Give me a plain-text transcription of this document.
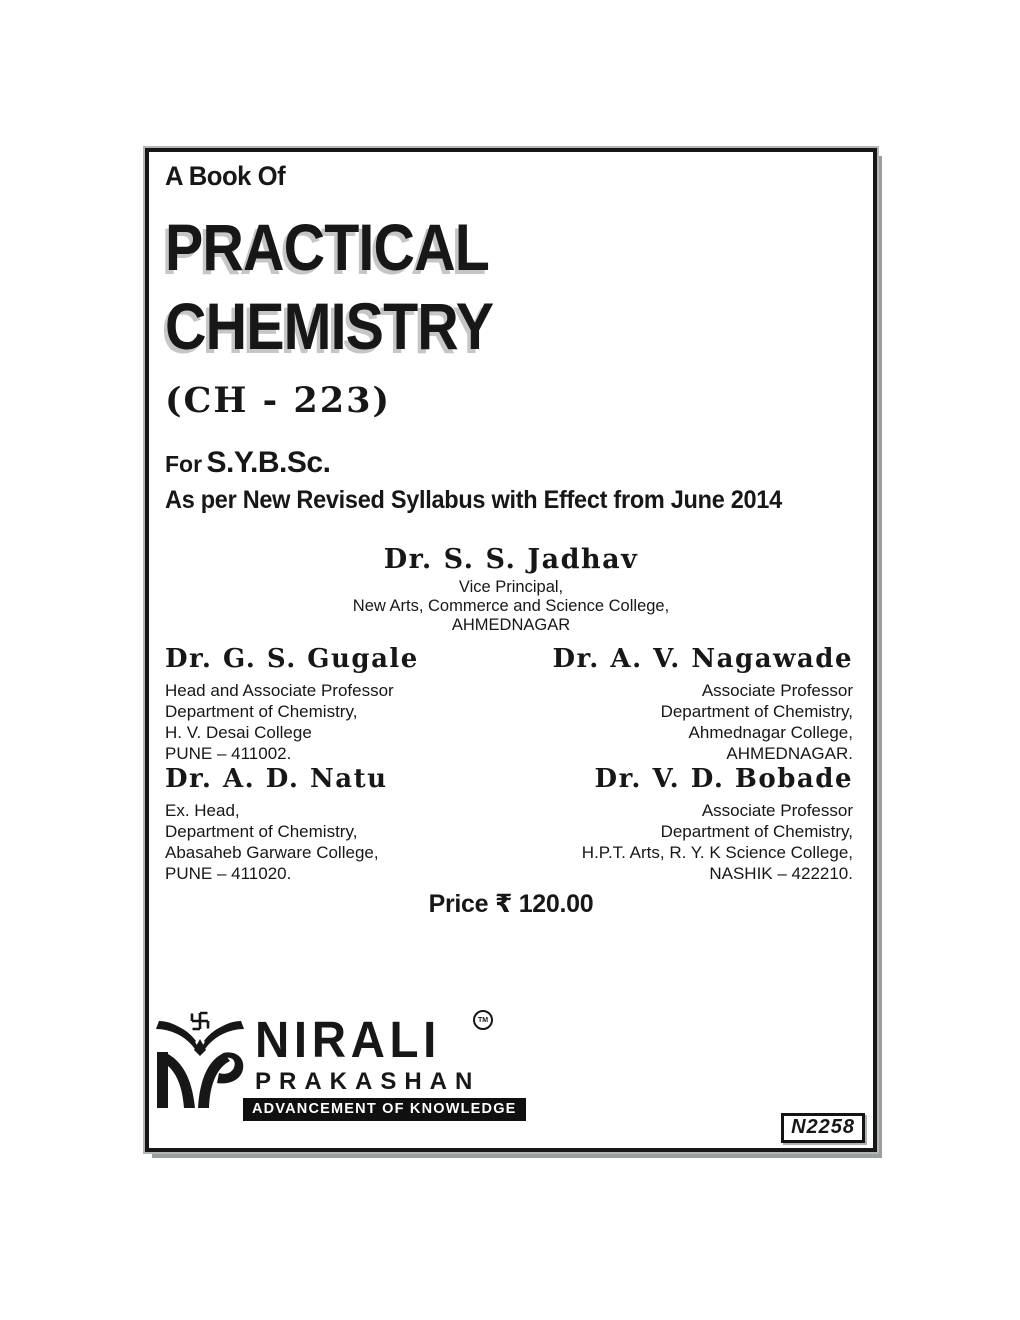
A Book Of
PRACTICAL
CHEMISTRY
(CH - 223)
For S.Y.B.Sc.
As per New Revised Syllabus with Effect from June 2014
Dr. S. S. Jadhav
Vice Principal,
New Arts, Commerce and Science College,
AHMEDNAGAR
Dr. G. S. Gugale
Head and Associate Professor
Department of Chemistry,
H. V. Desai College
PUNE – 411002.
Dr. A. V. Nagawade
Associate Professor
Department of Chemistry,
Ahmednagar College,
AHMEDNAGAR.
Dr. A. D. Natu
Ex. Head,
Department of Chemistry,
Abasaheb Garware College,
PUNE – 411020.
Dr. V. D. Bobade
Associate Professor
Department of Chemistry,
H.P.T. Arts, R. Y. K Science College,
NASHIK – 422210.
Price ₹ 120.00
NIRALI	TM
PRAKASHAN
ADVANCEMENT OF KNOWLEDGE
N2258
